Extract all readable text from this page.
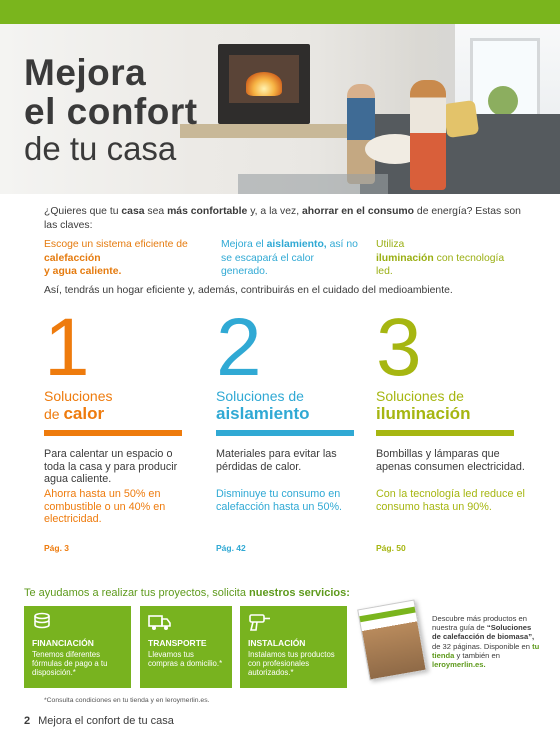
Mejora
el confort
de tu casa

¿Quieres que tu casa sea más confortable y, a la vez, ahorrar en el consumo de energía? Estas son las claves:

Escoge un sistema eficiente de calefacción
y agua caliente.

Mejora el aislamiento, así no se escapará el calor generado.

Utiliza
iluminación con tecnología led.

Así, tendrás un hogar eficiente y, además, contribuirás en el cuidado del medioambiente.

1
Soluciones
de calor
2
Soluciones de
aislamiento
3
Soluciones de
iluminación

Para calentar un espacio o toda la casa y para producir agua caliente.

Materiales para evitar las pérdidas de calor.

Bombillas y lámparas que apenas consumen electricidad.

Ahorra hasta un 50% en combustible o un 40% en electricidad.

Disminuye tu consumo en calefacción hasta un 50%.

Con la tecnología led reduce el consumo hasta un 90%.

Pág. 3	Pág. 42	Pág. 50

Te ayudamos a realizar tus proyectos, solicita nuestros servicios:

FINANCIACIÓN
Tenemos diferentes fórmulas de pago a tu disposición.*
TRANSPORTE
Llevamos tus compras a domicilio.*
INSTALACIÓN
Instalamos tus productos con profesionales autorizados.*

Descubre más productos en nuestra guía de “Soluciones de calefacción de biomasa”, de 32 páginas. Disponible en tu tienda y también en leroymerlin.es.

*Consulta condiciones en tu tienda y en leroymerlin.es.

2 Mejora el confort de tu casa
